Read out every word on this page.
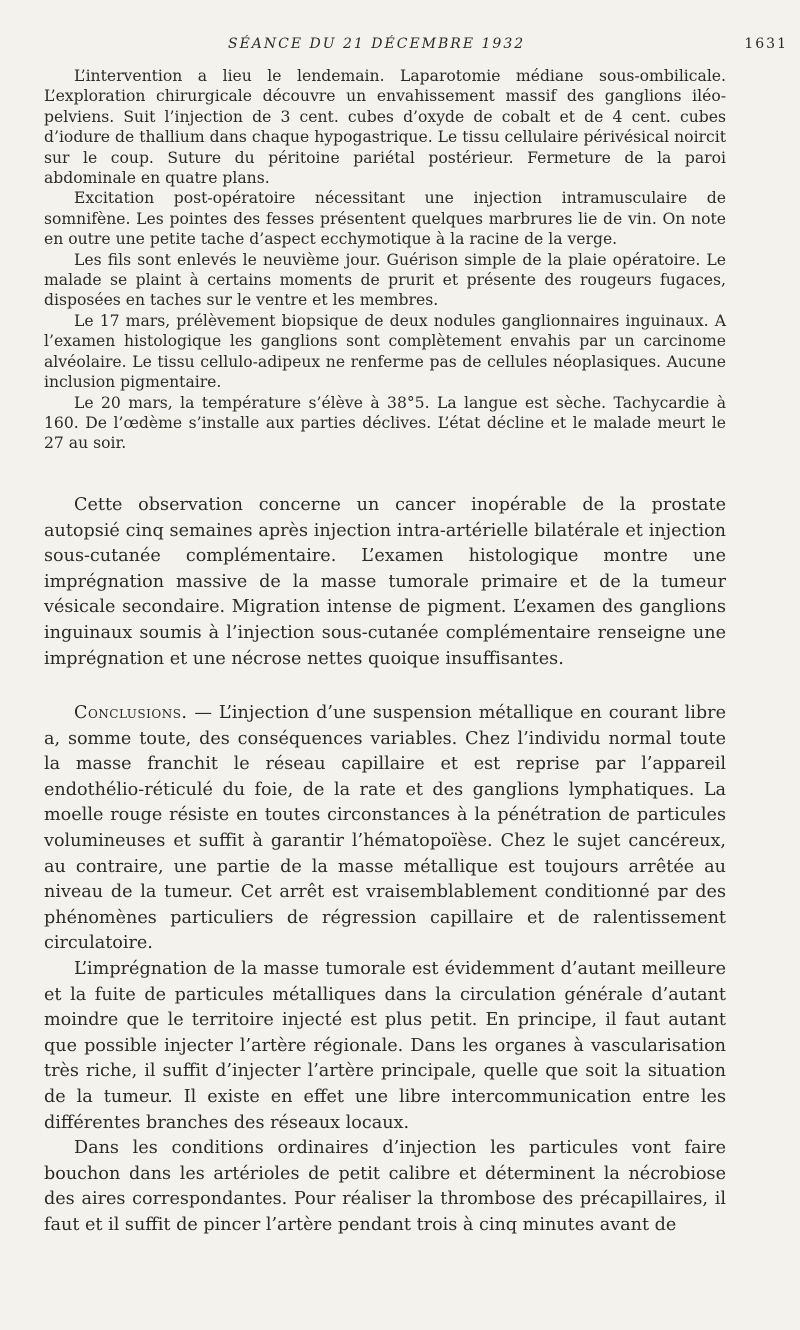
SÉANCE DU 21 DÉCEMBRE 1932	1631

L’intervention a lieu le lendemain. Laparotomie médiane sous-ombilicale. L’exploration chirurgicale découvre un envahissement massif des ganglions iléo-pelviens. Suit l’injection de 3 cent. cubes d’oxyde de cobalt et de 4 cent. cubes d’iodure de thallium dans chaque hypogastrique. Le tissu cellulaire périvésical noircit sur le coup. Suture du péritoine pariétal postérieur. Fermeture de la paroi abdominale en quatre plans.

Excitation post-opératoire nécessitant une injection intramusculaire de somnifène. Les pointes des fesses présentent quelques marbrures lie de vin. On note en outre une petite tache d’aspect ecchymotique à la racine de la verge.

Les fils sont enlevés le neuvième jour. Guérison simple de la plaie opératoire. Le malade se plaint à certains moments de prurit et présente des rougeurs fugaces, disposées en taches sur le ventre et les membres.

Le 17 mars, prélèvement biopsique de deux nodules ganglionnaires inguinaux. A l’examen histologique les ganglions sont complètement envahis par un carcinome alvéolaire. Le tissu cellulo-adipeux ne renferme pas de cellules néoplasiques. Aucune inclusion pigmentaire.

Le 20 mars, la température s’élève à 38°5. La langue est sèche. Tachycardie à 160. De l’œdème s’installe aux parties déclives. L’état décline et le malade meurt le 27 au soir.

Cette observation concerne un cancer inopérable de la prostate autopsié cinq semaines après injection intra-artérielle bilatérale et injection sous-cutanée complémentaire. L’examen histologique montre une imprégnation massive de la masse tumorale primaire et de la tumeur vésicale secondaire. Migration intense de pigment. L’examen des ganglions inguinaux soumis à l’injection sous-cutanée complémentaire renseigne une imprégnation et une nécrose nettes quoique insuffisantes.

Conclusions. — L’injection d’une suspension métallique en courant libre a, somme toute, des conséquences variables. Chez l’individu normal toute la masse franchit le réseau capillaire et est reprise par l’appareil endothélio-réticulé du foie, de la rate et des ganglions lymphatiques. La moelle rouge résiste en toutes circonstances à la pénétration de particules volumineuses et suffit à garantir l’hématopoïèse. Chez le sujet cancéreux, au contraire, une partie de la masse métallique est toujours arrêtée au niveau de la tumeur. Cet arrêt est vraisemblablement conditionné par des phénomènes particuliers de régression capillaire et de ralentissement circulatoire.

L’imprégnation de la masse tumorale est évidemment d’autant meilleure et la fuite de particules métalliques dans la circulation générale d’autant moindre que le territoire injecté est plus petit. En principe, il faut autant que possible injecter l’artère régionale. Dans les organes à vascularisation très riche, il suffit d’injecter l’artère principale, quelle que soit la situation de la tumeur. Il existe en effet une libre intercommunication entre les différentes branches des réseaux locaux.

Dans les conditions ordinaires d’injection les particules vont faire bouchon dans les artérioles de petit calibre et déterminent la nécrobiose des aires correspondantes. Pour réaliser la thrombose des précapillaires, il faut et il suffit de pincer l’artère pendant trois à cinq minutes avant de
